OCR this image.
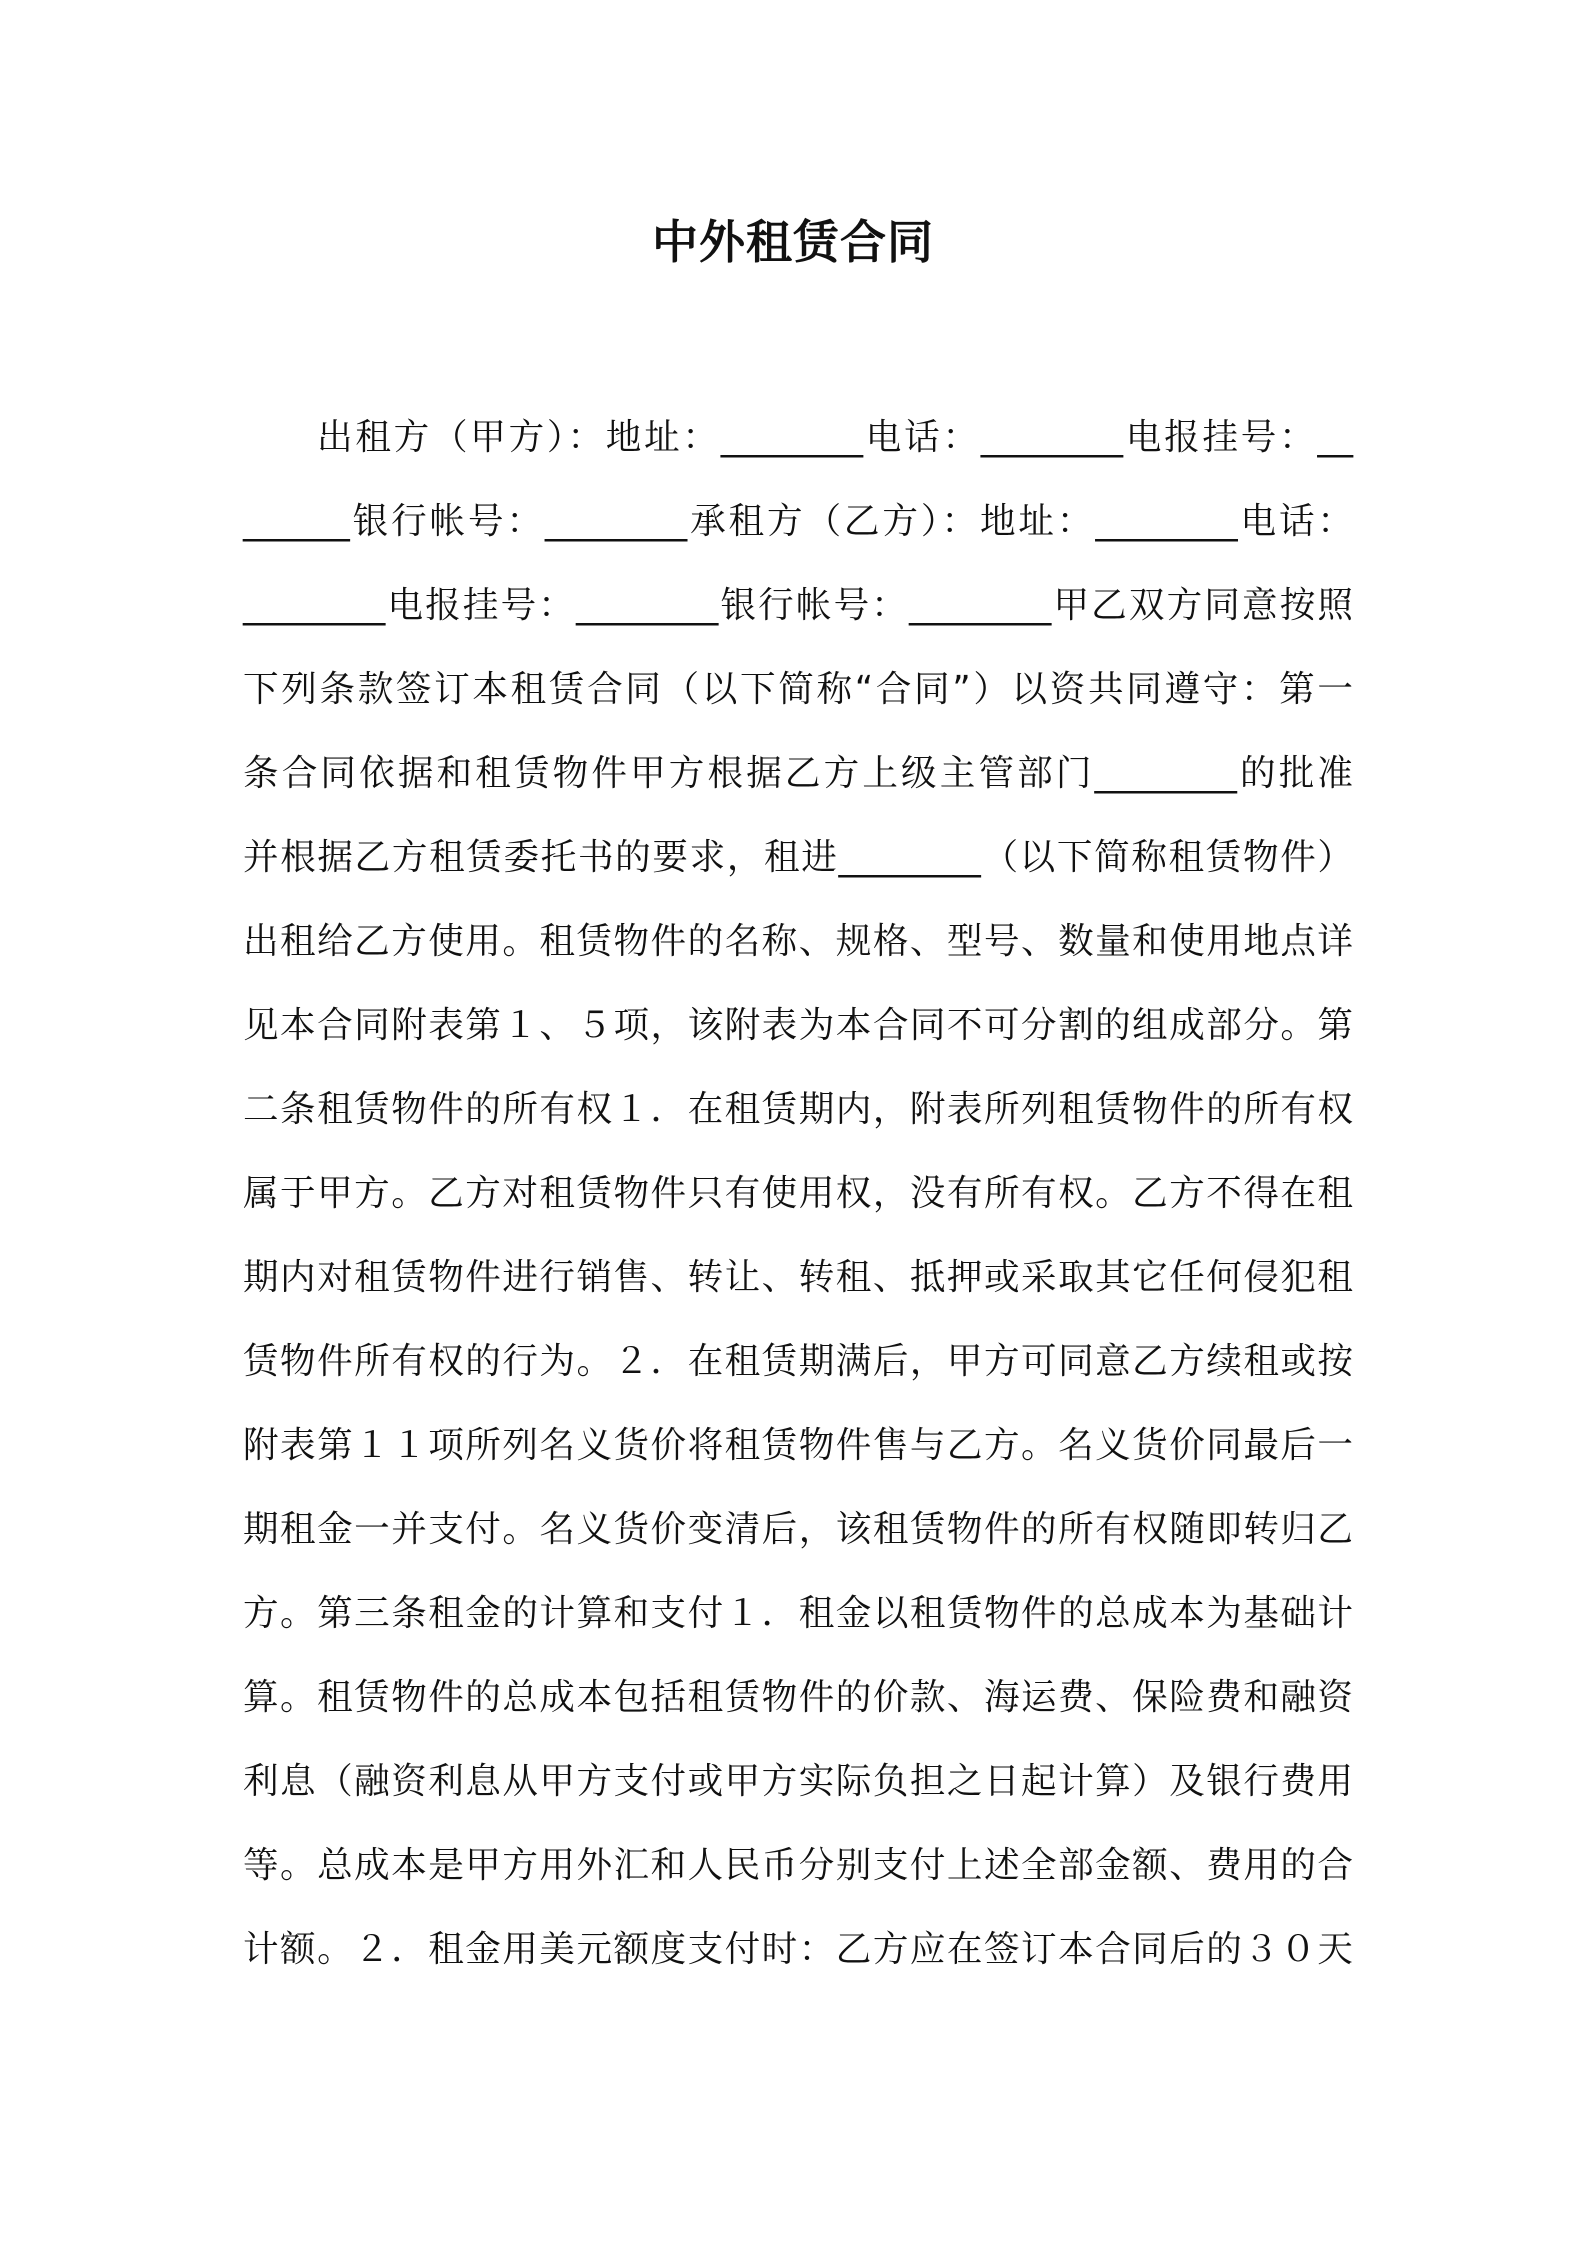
中外租赁合同
出租方（甲方）：地址：________电话：________电报挂号：__
______银行帐号：________承租方（乙方）：地址：________电话：
________电报挂号：________银行帐号：________甲乙双方同意按照
下列条款签订本租赁合同（以下简称“合同”）以资共同遵守：第一
条合同依据和租赁物件甲方根据乙方上级主管部门________的批准
并根据乙方租赁委托书的要求，租进________（以下简称租赁物件）
出租给乙方使用。租赁物件的名称、规格、型号、数量和使用地点详
见本合同附表第１、５项，该附表为本合同不可分割的组成部分。第
二条租赁物件的所有权１．在租赁期内，附表所列租赁物件的所有权
属于甲方。乙方对租赁物件只有使用权，没有所有权。乙方不得在租
期内对租赁物件进行销售、转让、转租、抵押或采取其它任何侵犯租
赁物件所有权的行为。２．在租赁期满后，甲方可同意乙方续租或按
附表第１１项所列名义货价将租赁物件售与乙方。名义货价同最后一
期租金一并支付。名义货价变清后，该租赁物件的所有权随即转归乙
方。第三条租金的计算和支付１．租金以租赁物件的总成本为基础计
算。租赁物件的总成本包括租赁物件的价款、海运费、保险费和融资
利息（融资利息从甲方支付或甲方实际负担之日起计算）及银行费用
等。总成本是甲方用外汇和人民币分别支付上述全部金额、费用的合
计额。２．租金用美元额度支付时：乙方应在签订本合同后的３０天
